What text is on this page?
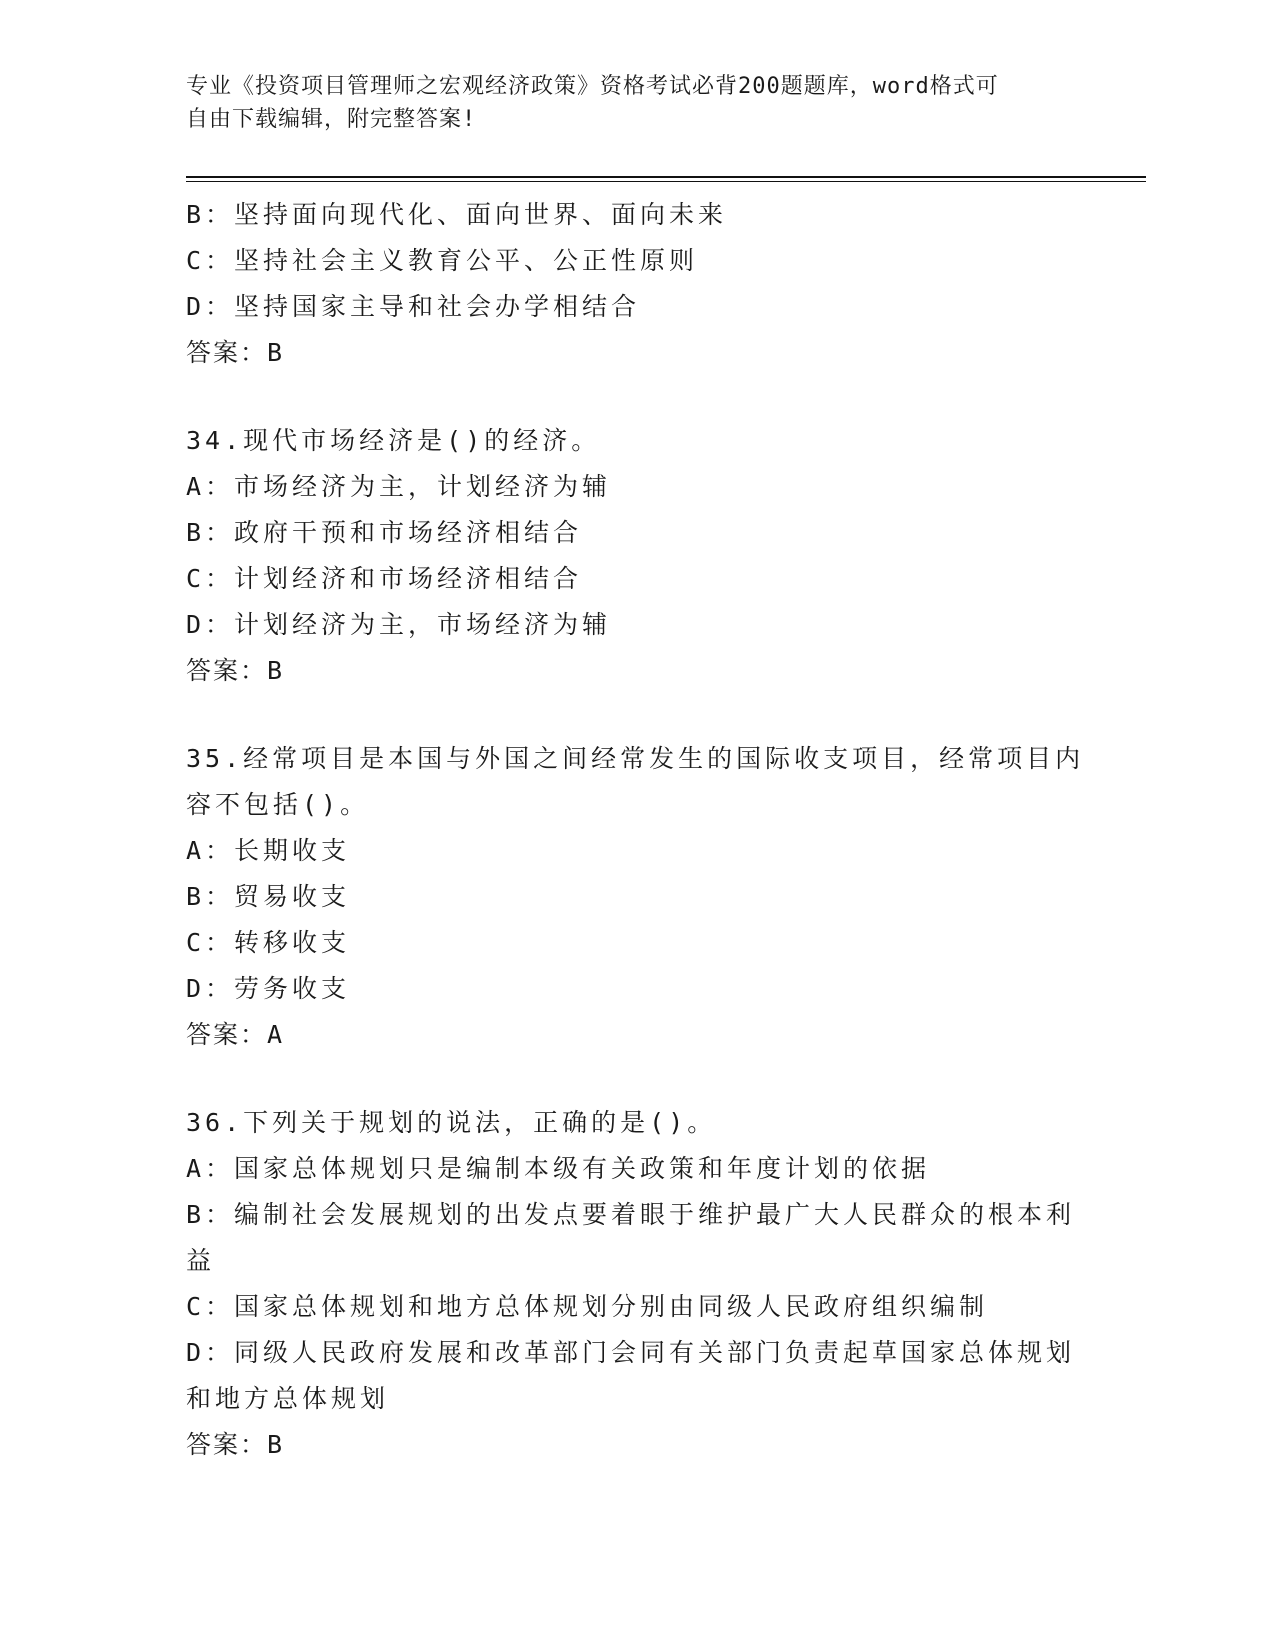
专业《投资项目管理师之宏观经济政策》资格考试必背200题题库，word格式可

自由下载编辑，附完整答案!

B：坚持面向现代化、面向世界、面向未来

C：坚持社会主义教育公平、公正性原则

D：坚持国家主导和社会办学相结合

答案：B

34.现代市场经济是()的经济。

A：市场经济为主，计划经济为辅

B：政府干预和市场经济相结合

C：计划经济和市场经济相结合

D：计划经济为主，市场经济为辅

答案：B

35.经常项目是本国与外国之间经常发生的国际收支项目，经常项目内

容不包括()。

A：长期收支

B：贸易收支

C：转移收支

D：劳务收支

答案：A

36.下列关于规划的说法，正确的是()。

A：国家总体规划只是编制本级有关政策和年度计划的依据

B：编制社会发展规划的出发点要着眼于维护最广大人民群众的根本利

益

C：国家总体规划和地方总体规划分别由同级人民政府组织编制

D：同级人民政府发展和改革部门会同有关部门负责起草国家总体规划

和地方总体规划

答案：B
